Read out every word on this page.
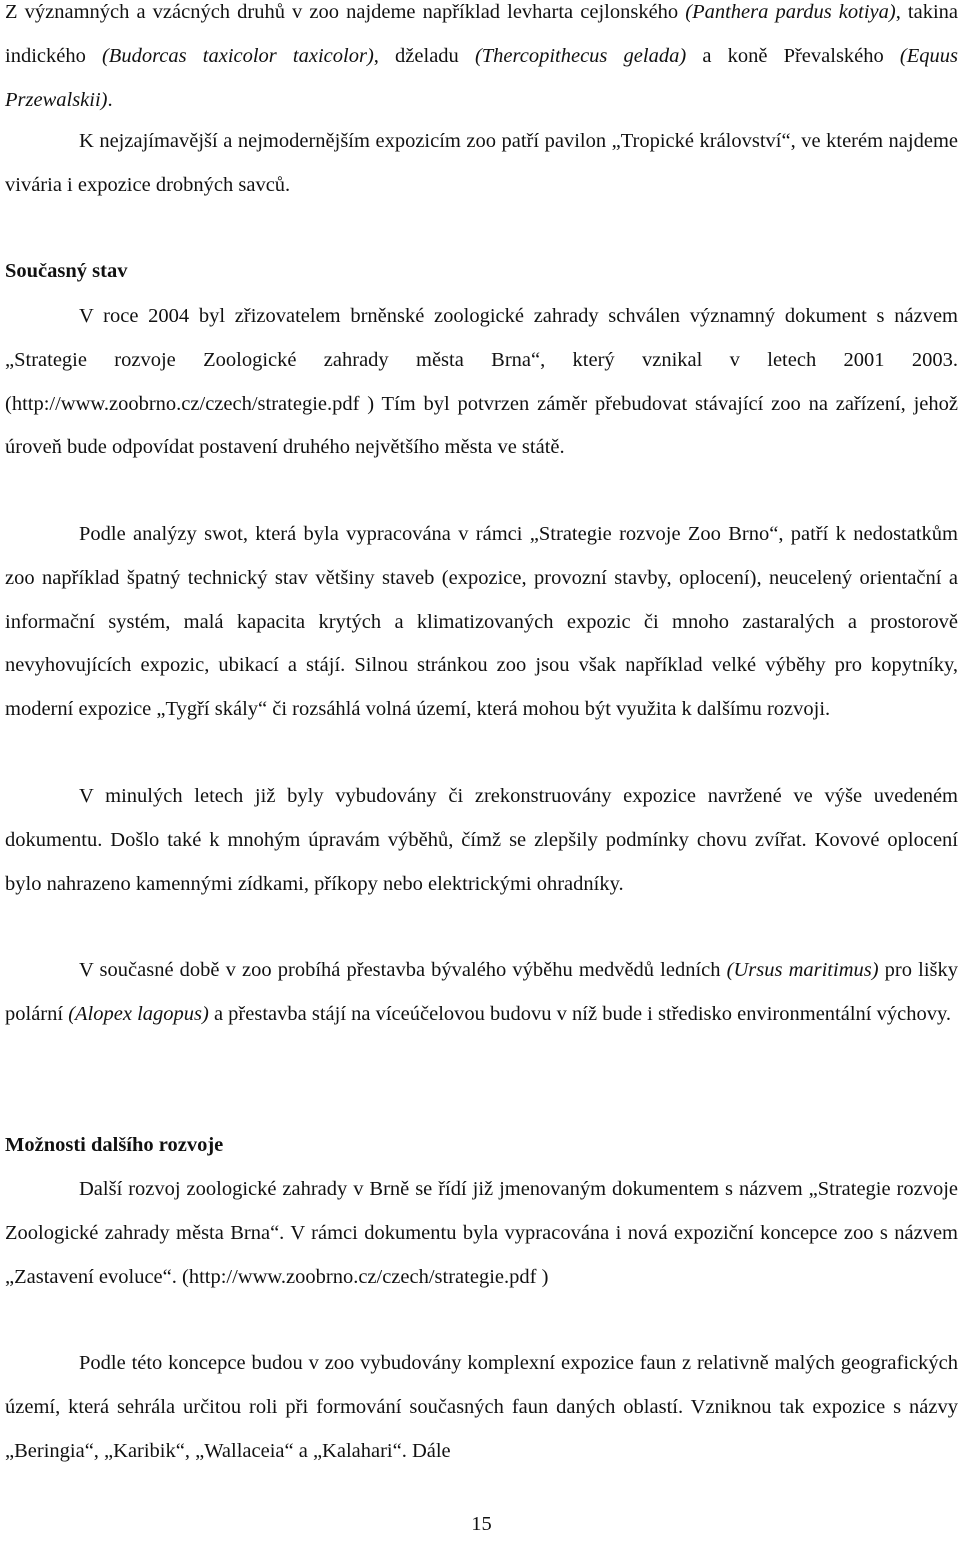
Z významných a vzácných druhů v zoo najdeme například levharta cejlonského (Panthera pardus kotiya), takina indického (Budorcas taxicolor taxicolor), dželadu (Thercopithecus gelada) a koně Převalského (Equus Przewalskii).

K nejzajímavější a nejmodernějším expozicím zoo patří pavilon „Tropické království“, ve kterém najdeme vivária i expozice drobných savců.

Současný stav

V roce 2004 byl zřizovatelem brněnské zoologické zahrady schválen významný dokument s názvem „Strategie rozvoje Zoologické zahrady města Brna“, který vznikal v letech 2001 2003. (http://www.zoobrno.cz/czech/strategie.pdf ) Tím byl potvrzen záměr přebudovat stávající zoo na zařízení, jehož úroveň bude odpovídat postavení druhého největšího města ve státě.

Podle analýzy swot, která byla vypracována v rámci „Strategie rozvoje Zoo Brno“, patří k nedostatkům zoo například špatný technický stav většiny staveb (expozice, provozní stavby, oplocení), neucelený orientační a informační systém, malá kapacita krytých a klimatizovaných expozic či mnoho zastaralých a prostorově nevyhovujících expozic, ubikací a stájí. Silnou stránkou zoo jsou však například velké výběhy pro kopytníky, moderní expozice „Tygří skály“ či rozsáhlá volná území, která mohou být využita k dalšímu rozvoji.

V minulých letech již byly vybudovány či zrekonstruovány expozice navržené ve výše uvedeném dokumentu. Došlo také k mnohým úpravám výběhů, čímž se zlepšily podmínky chovu zvířat. Kovové oplocení bylo nahrazeno kamennými zídkami, příkopy nebo elektrickými ohradníky.

V současné době v zoo probíhá přestavba bývalého výběhu medvědů ledních (Ursus maritimus) pro lišky polární (Alopex lagopus) a přestavba stájí na víceúčelovou budovu v níž bude i středisko environmentální výchovy.

Možnosti dalšího rozvoje

Další rozvoj zoologické zahrady v Brně se řídí již jmenovaným dokumentem s názvem „Strategie rozvoje Zoologické zahrady města Brna“. V rámci dokumentu byla vypracována i nová expoziční koncepce zoo s názvem „Zastavení evoluce“. (http://www.zoobrno.cz/czech/strategie.pdf )

Podle této koncepce budou v zoo vybudovány komplexní expozice faun z relativně malých geografických území, která sehrála určitou roli při formování současných faun daných oblastí. Vzniknou tak expozice s názvy „Beringia“, „Karibik“, „Wallaceia“ a „Kalahari“. Dále

15
